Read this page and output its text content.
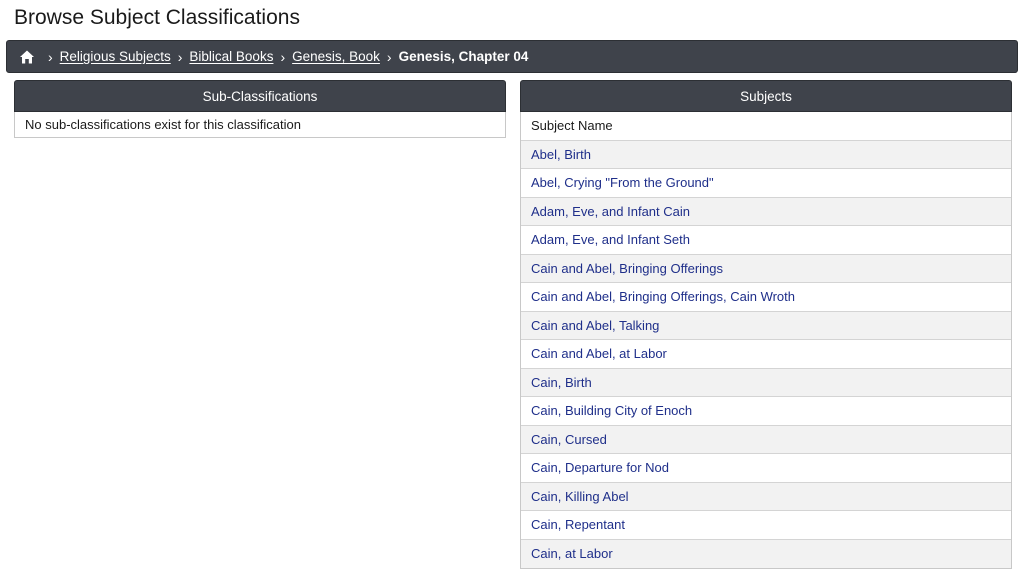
Browse Subject Classifications
› Religious Subjects › Biblical Books › Genesis, Book › Genesis, Chapter 04
Sub-Classifications
No sub-classifications exist for this classification
Subjects
Subject Name
Abel, Birth
Abel, Crying "From the Ground"
Adam, Eve, and Infant Cain
Adam, Eve, and Infant Seth
Cain and Abel, Bringing Offerings
Cain and Abel, Bringing Offerings, Cain Wroth
Cain and Abel, Talking
Cain and Abel, at Labor
Cain, Birth
Cain, Building City of Enoch
Cain, Cursed
Cain, Departure for Nod
Cain, Killing Abel
Cain, Repentant
Cain, at Labor
